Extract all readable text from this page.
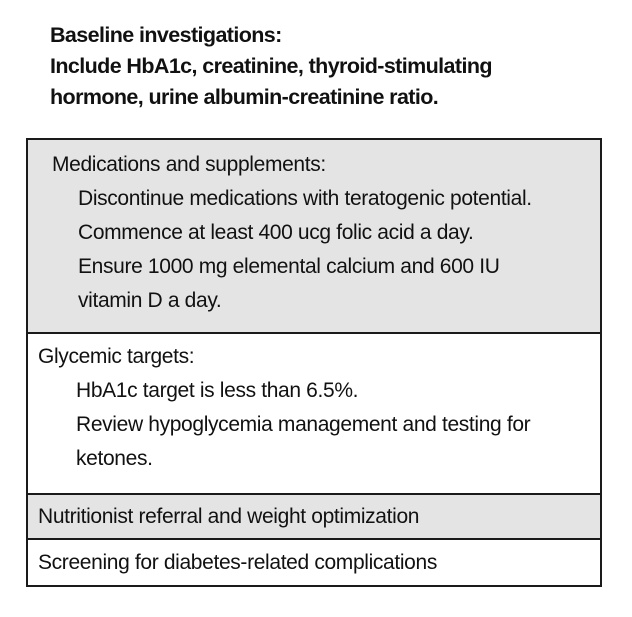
Baseline investigations:
Include HbA1c, creatinine, thyroid-stimulating
hormone, urine albumin-creatinine ratio.
Medications and supplements:
Discontinue medications with teratogenic potential.
Commence at least 400 ucg folic acid a day.
Ensure 1000 mg elemental calcium and 600 IU
vitamin D a day.
Glycemic targets:
HbA1c target is less than 6.5%.
Review hypoglycemia management and testing for
ketones.
Nutritionist referral and weight optimization
Screening for diabetes-related complications
